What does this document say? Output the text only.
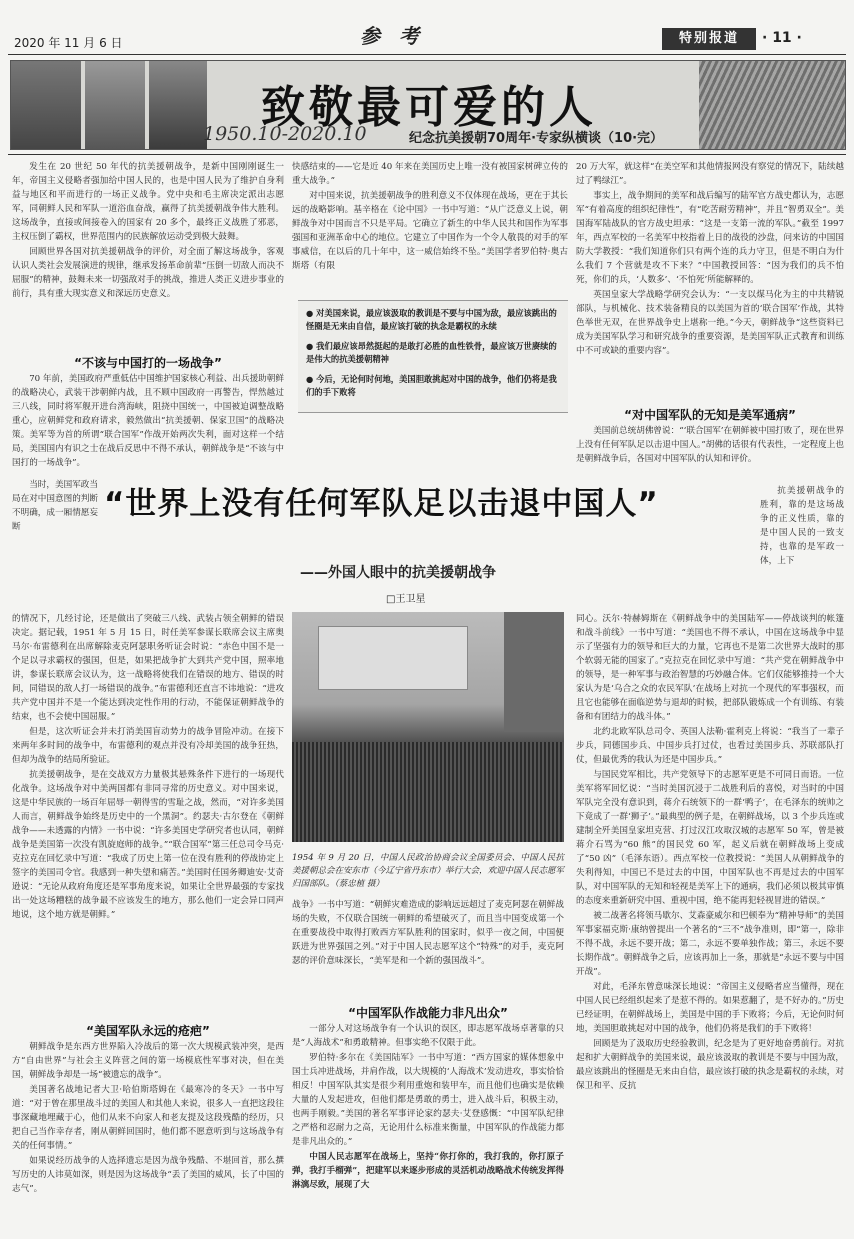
2020 年 11 月 6 日	参 考	特别报道	· 11 ·
致敬最可爱的人
1950.10-2020.10	纪念抗美援朝70周年·专家纵横谈（10·完）

发生在 20 世纪 50 年代的抗美援朝战争，是新中国刚刚诞生一年，帝国主义侵略者强加给中国人民的，也是中国人民为了维护自身利益与地区和平而进行的一场正义战争。党中央和毛主席决定派出志愿军，同朝鲜人民和军队一道浴血奋战，赢得了抗美援朝战争伟大胜利。这场战争，直接或间接卷入的国家有 20 多个，最终正义战胜了邪恶，主权压倒了霸权，世界范围内的民族解放运动受到极大鼓舞。

回顾世界各国对抗美援朝战争的评价，对全面了解这场战争，客观认识人类社会发展演进的规律，继承发扬革命前辈“压倒一切敌人而决不屈服”的精神，鼓舞未来一切强敌对手的挑战，推进人类正义进步事业的前行，具有重大现实意义和深远历史意义。

“不该与中国打的一场战争”

70 年前，美国政府严重低估中国维护国家核心利益、出兵援助朝鲜的战略决心，武装干涉朝鲜内战，且不顾中国政府一再警告，悍然越过三八线，同时将军舰开进台湾海峡，阻挠中国统一，中国被迫调整战略重心，应朝鲜党和政府请求，毅然做出“抗美援朝、保家卫国”的战略决策。美军等为首的所谓“联合国军”作战开始两次失利，面对这样一个结局，美国国内有识之士在战后反思中不得不承认，朝鲜战争是“不该与中国打的一场战争”。

当时，美国军政当局在对中国意图的判断不明确，成一厢情愿妄断

快感结束的——它是近 40 年来在美国历史上唯一没有被国家树碑立传的重大战争。”

对中国来说，抗美援朝战争的胜利意义不仅体现在战场，更在于其长远的战略影响。基辛格在《论中国》一书中写道：“从广泛意义上说，朝鲜战争对中国而言不只是平局。它确立了新生的中华人民共和国作为军事强国和亚洲革命中心的地位。它建立了中国作为一个令人敬畏的对手的军事威信，在以后的几十年中，这一威信始终不坠。”美国学者罗伯特·奥古斯塔（有限

● 对美国来说，最应该汲取的教训是不要与中国为敌，最应该跳出的怪圈是无来由自信，最应该打破的执念是霸权的永续

● 我们最应该昂然挺起的是敢打必胜的血性铁骨，最应该万世赓续的是伟大的抗美援朝精神

● 今后，无论何时何地，美国胆敢挑起对中国的战争，他们仍将是我们的手下败将

20 万大军，就这样“在美空军和其他情报网没有察觉的情况下，陆续越过了鸭绿江”。

事实上，战争期间的美军和战后编写的陆军官方战史都认为，志愿军“有着高度的组织纪律性”，有“吃苦耐劳精神”，并且“智勇双全”。美国海军陆战队的官方战史坦承：“这是一支第一流的军队。”截至 1997 年，西点军校的一名美军中校指着上日的战役的沙盘，问来访的中国国防大学教授：“我们知道你们只有两个连的兵力守卫，但是不明白为什么我们 7 个营就是攻不下来？”中国教授回答：“因为我们的兵不怕死，你们的兵，‘人数多’、‘不怕死’所能解释的。

英国皇家大学战略学研究会认为：“一支以煤马化为主的中共精锐部队，与机械化、技术装备精良的以美国为首的‘联合国军’作战，其特色举世无双，在世界战争史上堪称一绝。”今天，朝鲜战争“这些资料已成为美国军队学习和研究战争的重要资源，是美国军队正式教育和训练中不可或缺的重要内容”。

“对中国军队的无知是美军通病”

美国前总统胡佛曾说：“‘联合国军’在朝鲜被中国打败了，现在世界上没有任何军队足以击退中国人。”胡佛的话很有代表性，一定程度上也是朝鲜战争后，各国对中国军队的认知和评价。

抗美援朝战争的胜利，靠的是这场战争的正义性质，靠的是中国人民的一致支持，也靠的是军政一体，上下

“世界上没有任何军队足以击退中国人”
——外国人眼中的抗美援朝战争
□王卫星
1954 年 9 月 20 日，中国人民政治协商会议全国委员会、中国人民抗美援朝总会在安东市（今辽宁省丹东市）举行大会，欢迎中国人民志愿军归国部队。（蔡忠植 摄）

的情况下，几经讨论，还是做出了突破三八线、武装占领全朝鲜的错误决定。据记载，1951 年 5 月 15 日，时任美军参谋长联席会议主席奥马尔·布雷德利在出席解除麦克阿瑟职务听证会时说：“赤色中国不是一个足以寻求霸权的强国，但是，如果把战争扩大到共产党中国，照率地讲，参谋长联席会议认为，这一战略将使我们在错误的地方、错误的时间，同错误的敌人打一场错误的战争。”布雷德利还直言不讳地说：“进攻共产党中国并不是一个能达到决定性作用的行动，不能保证朝鲜战争的结束，也不会使中国屈服。”

但是，这次听证会并未打消美国盲动势力的战争冒险冲动。在接下来两年多时间的战争中，布雷德利的观点并没有冷却美国的战争狂热，但却为战争的结局所验证。

抗美援朝战争，是在交战双方力量极其悬殊条件下进行的一场现代化战争。这场战争对中美两国都有非同寻常的历史意义。对中国来说，这是中华民族的一场百年屈辱一朝得雪的雪耻之战，然而，“对许多美国人而言，朝鲜战争始终是历史中的一个黑洞”。约瑟夫·古尔登在《朝鲜战争——未透露的内情》一书中说：“许多美国史学研究者也认同，朝鲜战争是美国第一次没有凯旋庭师的战争。”“联合国军”第三任总司令马克·克拉克在回忆录中写道：“我成了历史上第一位在没有胜利的停战协定上签字的美国司令官。我感到一种失望和痛苦。”美国时任国务卿迪安·艾奇逊说：“无论从政府角度还是军事角度来说，如果让全世界最强的专家找出一处这场糟糕的战争最不应该发生的地方，那么他们一定会异口同声地说，这个地方就是朝鲜。”

“美国军队永远的疮疤”

朝鲜战争是东西方世界陷入冷战后的第一次大规模武装冲突，是西方“自由世界”与社会主义阵营之间的第一场模底性军事对决，但在美国，朝鲜战争却是一场“被遗忘的战争”。

美国著名战地记者大卫·哈伯斯塔姆在《最寒冷的冬天》一书中写道：“对于曾在那里战斗过的美国人和其他人来说，很多人一直把这段往事深藏地埋藏于心，他们从来不向家人和老友提及这段残酷的经历，只把自己当作幸存者，刚从朝鲜回国时，他们都不愿意听到与这场战争有关的任何事情。”

如果说经历战争的人选择遗忘是因为战争残酷、不堪回首，那么撰写历史的人讳莫如深，则是因为这场战争“丢了美国的威风，长了中国的志气”。

战争》一书中写道：“朝鲜灾难造成的影响远远超过了麦克阿瑟在朝鲜战场的失败，不仅联合国统一朝鲜的希望破灭了，而且当中国变成第一个在重要战役中取得打败西方军队胜利的国家时，似乎一夜之间，中国便跃进为世界强国之列。”对于中国人民志愿军这个“特殊”的对手，麦克阿瑟的评价意味深长，“美军是和一个新的强国战斗”。

“中国军队作战能力非凡出众”

一部分人对这场战争有一个认识的误区，即志愿军战场卓著靠的只是“人海战术”和勇敢精神。但事实绝不仅限于此。

罗伯特·多尔在《美国陆军》一书中写道：“西方国家的媒体想象中国士兵冲进战场，并肩作战，以大规模的‘人海战术’发动进攻，事实恰恰相反！中国军队其实是很少利用重炮和装甲车，而且他们也确实是依赖大量的人发起进攻，但他们都是勇敢的勇士，进入战斗后，积极主动，也两手刚毅。”美国的著名军事评论家约瑟夫·艾登感慨：“中国军队纪律之严格和忍耐力之高，无论用什么标准来衡量，中国军队的作战能力都是非凡出众的。”

中国人民志愿军在战场上，坚持“你打你的，我打我的，你打原子弹，我打手榴弹”，把建军以来逐步形成的灵活机动战略战术传统发挥得淋漓尽致，展现了大

同心。沃尔·特赫姆斯在《朝鲜战争中的美国陆军——停战谈判的帐篷和战斗前线》一书中写道：“美国也不得不承认，中国在这场战争中显示了坚强有力的领导和巨大的力量，它再也不是第二次世界大战时的那个软弱无能的国家了。”克拉克在回忆录中写道：“共产党在朝鲜战争中的领导，是一种军事与政治智慧的巧妙融合体。它们仅能够推持一个大家认为是‘乌合之众的农民军队’在战场上对抗一个现代的军事强权，而且它也能够在面临逆势与退却的时候，把部队锻炼成一个有训练、有装备和有团结力的战斗体。”

北约北欧军队总司令、英国人法勒·霍利克上将说：“我当了一辈子步兵，同德国步兵、中国步兵打过仗，也看过美国步兵、苏联部队打仗，但最优秀的我认为还是中国步兵。”

与国民党军相比，共产党领导下的志愿军更是不可同日而语。一位美军将军回忆说：“当时美国沉浸于二战胜利后的喜悦，对当时的中国军队完全没有意识到，蒋介石统领下的一群‘鸭子’，在毛泽东的统帅之下竟成了一群‘狮子’。”最典型的例子是，在朝鲜战场，以 3 个步兵连或建制全歼美国皇家坦克营、打过汉江攻取汉城的志愿军 50 军，曾是被蒋介石骂为“60 熊”的国民党 60 军，起义后就在朝鲜战场上变成了“50 凶”（毛泽东语）。西点军校一位教授说：“美国人从朝鲜战争的失利得知，中国已不是过去的中国，中国军队也不再是过去的中国军队，对中国军队的无知和轻视是美军上下的通病，我们必须以极其审慎的态度来重新研究中国、重视中国，绝不能再犯轻视冒进的错误。”

被二战著名将领马歇尔、艾森豪威尔和巴顿奉为“精神导师”的美国军事家福克斯·康纳曾提出一个著名的“三不”战争准则，即“第一，除非不得不战，永远不要开战；第二，永远不要单独作战；第三，永远不要长期作战”。朝鲜战争之后，应该再加上一条，那就是“永远不要与中国开战”。

对此，毛泽东曾意味深长地说：“帝国主义侵略者应当懂得，现在中国人民已经组织起来了是惹不得的。如果惹翻了，是不好办的。”历史已经证明，在朝鲜战场上，美国是中国的手下败将；今后，无论何时何地，美国胆敢挑起对中国的战争，他们仍将是我们的手下败将！

回顾是为了汲取历史经验教训，纪念是为了更好地奋勇前行。对抗起和扩大朝鲜战争的美国来说，最应该汲取的教训是不要与中国为敌，最应该跳出的怪圈是无来由自信，最应该打破的执念是霸权的永续，对保卫和平、反抗
